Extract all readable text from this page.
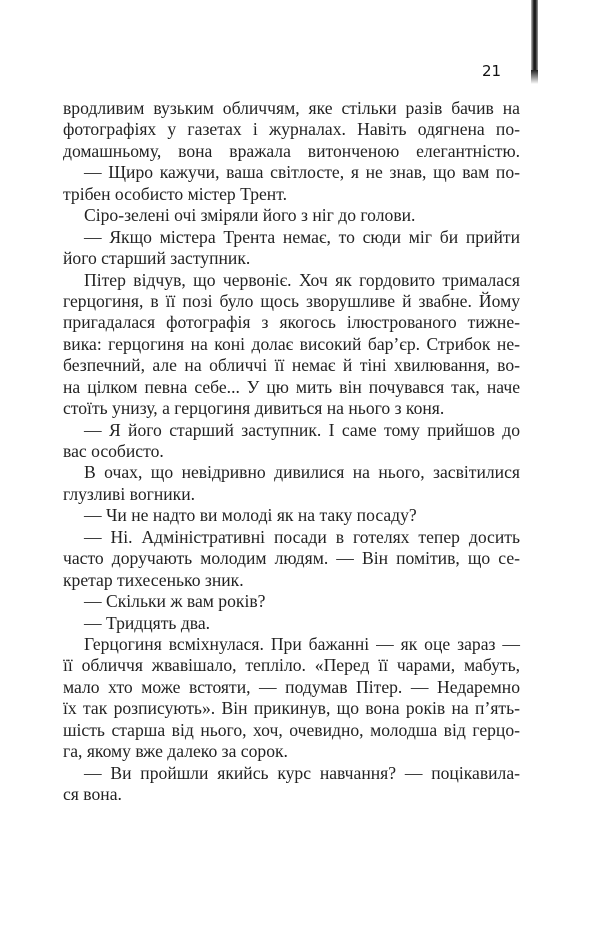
21
вродливим вузьким обличчям, яке стільки разів бачив на
фотографіях у газетах і журналах. Навіть одягнена по-
домашньому, вона вражала витонченою елегантністю.
— Щиро кажучи, ваша світлосте, я не знав, що вам по-
трібен особисто містер Трент.
Сіро-зелені очі зміряли його з ніг до голови.
— Якщо містера Трента немає, то сюди міг би прийти
його старший заступник.
Пітер відчув, що червоніє. Хоч як гордовито трималася
герцогиня, в її позі було щось зворушливе й звабне. Йому
пригадалася фотографія з якогось ілюстрованого тижне-
вика: герцогиня на коні долає високий бар’єр. Стрибок не-
безпечний, але на обличчі її немає й тіні хвилювання, во-
на цілком певна себе... У цю мить він почувався так, наче
стоїть унизу, а герцогиня дивиться на нього з коня.
— Я його старший заступник. І саме тому прийшов до
вас особисто.
В очах, що невідривно дивилися на нього, засвітилися
глузливі вогники.
— Чи не надто ви молоді як на таку посаду?
— Ні. Адміністративні посади в готелях тепер досить
часто доручають молодим людям. — Він помітив, що се-
кретар тихесенько зник.
— Скільки ж вам років?
— Тридцять два.
Герцогиня всміхнулася. При бажанні — як оце зараз —
її обличчя жвавішало, тепліло. «Перед її чарами, мабуть,
мало хто може встояти, — подумав Пітер. — Недаремно
їх так розписують». Він прикинув, що вона років на п’ять-
шість старша від нього, хоч, очевидно, молодша від герцо-
га, якому вже далеко за сорок.
— Ви пройшли якийсь курс навчання? — поцікавила-
ся вона.
